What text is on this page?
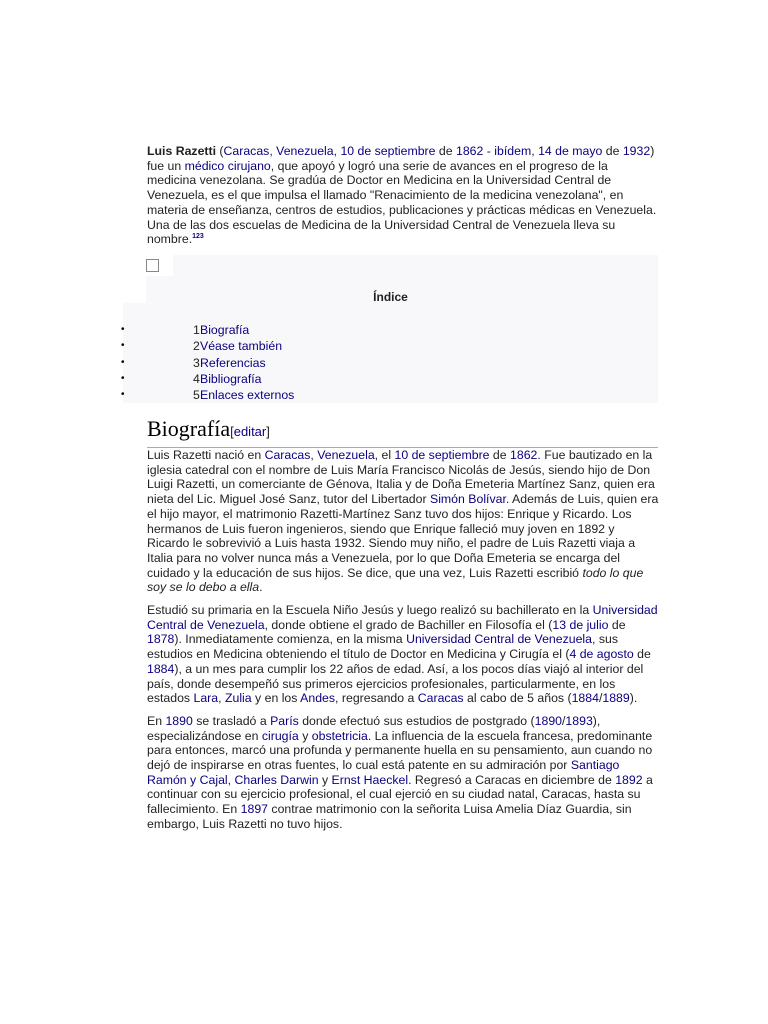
Luis Razetti (Caracas, Venezuela, 10 de septiembre de 1862 - ibídem, 14 de mayo de 1932) fue un médico cirujano, que apoyó y logró una serie de avances en el progreso de la medicina venezolana. Se gradúa de Doctor en Medicina en la Universidad Central de Venezuela, es el que impulsa el llamado "Renacimiento de la medicina venezolana", en materia de enseñanza, centros de estudios, publicaciones y prácticas médicas en Venezuela. Una de las dos escuelas de Medicina de la Universidad Central de Venezuela lleva su nombre.$^{123}$

Índice
•	1 Biografía
•	2 Véase también
•	3 Referencias
•	4 Bibliografía
•	5 Enlaces externos
Biografía[editar]

Luis Razetti nació en Caracas, Venezuela, el 10 de septiembre de 1862. Fue bautizado en la iglesia catedral con el nombre de Luis María Francisco Nicolás de Jesús, siendo hijo de Don Luigi Razetti, un comerciante de Génova, Italia y de Doña Emeteria Martínez Sanz, quien era nieta del Lic. Miguel José Sanz, tutor del Libertador Simón Bolívar. Además de Luis, quien era el hijo mayor, el matrimonio Razetti-Martínez Sanz tuvo dos hijos: Enrique y Ricardo. Los hermanos de Luis fueron ingenieros, siendo que Enrique falleció muy joven en 1892 y Ricardo le sobrevivió a Luis hasta 1932. Siendo muy niño, el padre de Luis Razetti viaja a Italia para no volver nunca más a Venezuela, por lo que Doña Emeteria se encarga del cuidado y la educación de sus hijos. Se dice, que una vez, Luis Razetti escribió todo lo que soy se lo debo a ella.

Estudió su primaria en la Escuela Niño Jesús y luego realizó su bachillerato en la Universidad Central de Venezuela, donde obtiene el grado de Bachiller en Filosofía el (13 de julio de 1878). Inmediatamente comienza, en la misma Universidad Central de Venezuela, sus estudios en Medicina obteniendo el título de Doctor en Medicina y Cirugía el (4 de agosto de 1884), a un mes para cumplir los 22 años de edad. Así, a los pocos días viajó al interior del país, donde desempeñó sus primeros ejercicios profesionales, particularmente, en los estados Lara, Zulia y en los Andes, regresando a Caracas al cabo de 5 años (1884/1889).

En 1890 se trasladó a París donde efectuó sus estudios de postgrado (1890/1893), especializándose en cirugía y obstetricia. La influencia de la escuela francesa, predominante para entonces, marcó una profunda y permanente huella en su pensamiento, aun cuando no dejó de inspirarse en otras fuentes, lo cual está patente en su admiración por Santiago Ramón y Cajal, Charles Darwin y Ernst Haeckel. Regresó a Caracas en diciembre de 1892 a continuar con su ejercicio profesional, el cual ejerció en su ciudad natal, Caracas, hasta su fallecimiento. En 1897 contrae matrimonio con la señorita Luisa Amelia Díaz Guardia, sin embargo, Luis Razetti no tuvo hijos.
